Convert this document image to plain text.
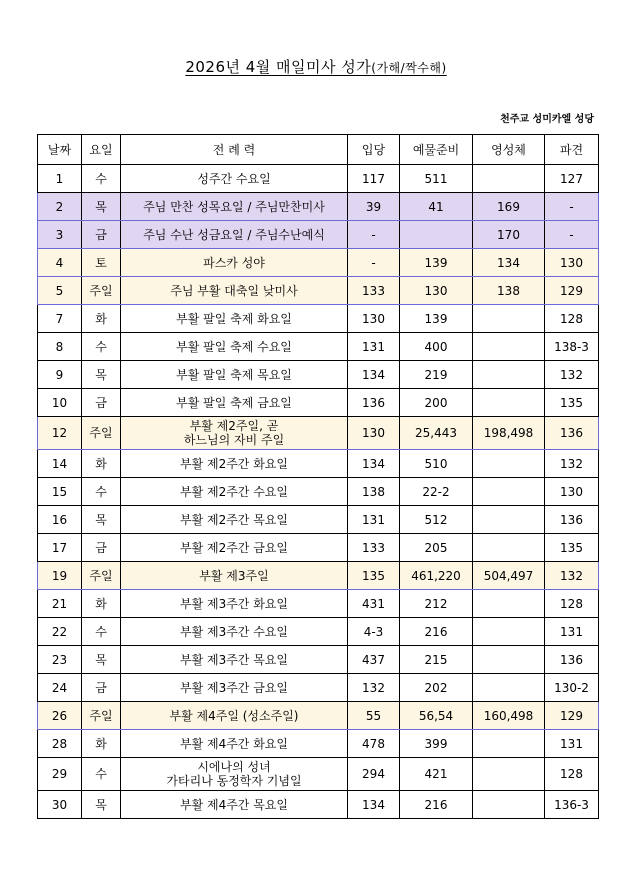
2026년 4월 매일미사 성가(가해/짝수해)
천주교 성미카엘 성당
날짜	요일	전 례 력	입당	예물준비	영성체	파견
1	수	성주간 수요일	117	511		127
2	목	주님 만찬 성목요일 / 주님만찬미사	39	41	169	-
3	금	주님 수난 성금요일 / 주님수난예식	-		170	-
4	토	파스카 성야	-	139	134	130
5	주일	주님 부활 대축일 낮미사	133	130	138	129
7	화	부활 팔일 축제 화요일	130	139		128
8	수	부활 팔일 축제 수요일	131	400		138-3
9	목	부활 팔일 축제 목요일	134	219		132
10	금	부활 팔일 축제 금요일	136	200		135
12	주일	부활 제2주일, 곧
하느님의 자비 주일	130	25,443	198,498	136
14	화	부활 제2주간 화요일	134	510		132
15	수	부활 제2주간 수요일	138	22-2		130
16	목	부활 제2주간 목요일	131	512		136
17	금	부활 제2주간 금요일	133	205		135
19	주일	부활 제3주일	135	461,220	504,497	132
21	화	부활 제3주간 화요일	431	212		128
22	수	부활 제3주간 수요일	4-3	216		131
23	목	부활 제3주간 목요일	437	215		136
24	금	부활 제3주간 금요일	132	202		130-2
26	주일	부활 제4주일 (성소주일)	55	56,54	160,498	129
28	화	부활 제4주간 화요일	478	399		131
29	수	시에나의 성녀
가타리나 동정학자 기념일	294	421		128
30	목	부활 제4주간 목요일	134	216		136-3
